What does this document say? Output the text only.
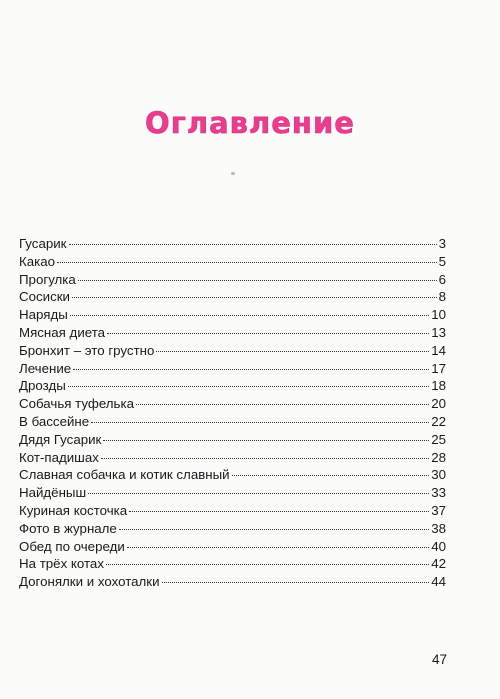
Оглавление
Гусарик	3
Какао	5
Прогулка	6
Сосиски	8
Наряды	10
Мясная диета	13
Бронхит – это грустно	14
Лечение	17
Дрозды	18
Собачья туфелька	20
В бассейне	22
Дядя Гусарик	25
Кот-падишах	28
Славная собачка и котик славный	30
Найдёныш	33
Куриная косточка	37
Фото в журнале	38
Обед по очереди	40
На трёх котах	42
Догонялки и хохоталки	44
47
